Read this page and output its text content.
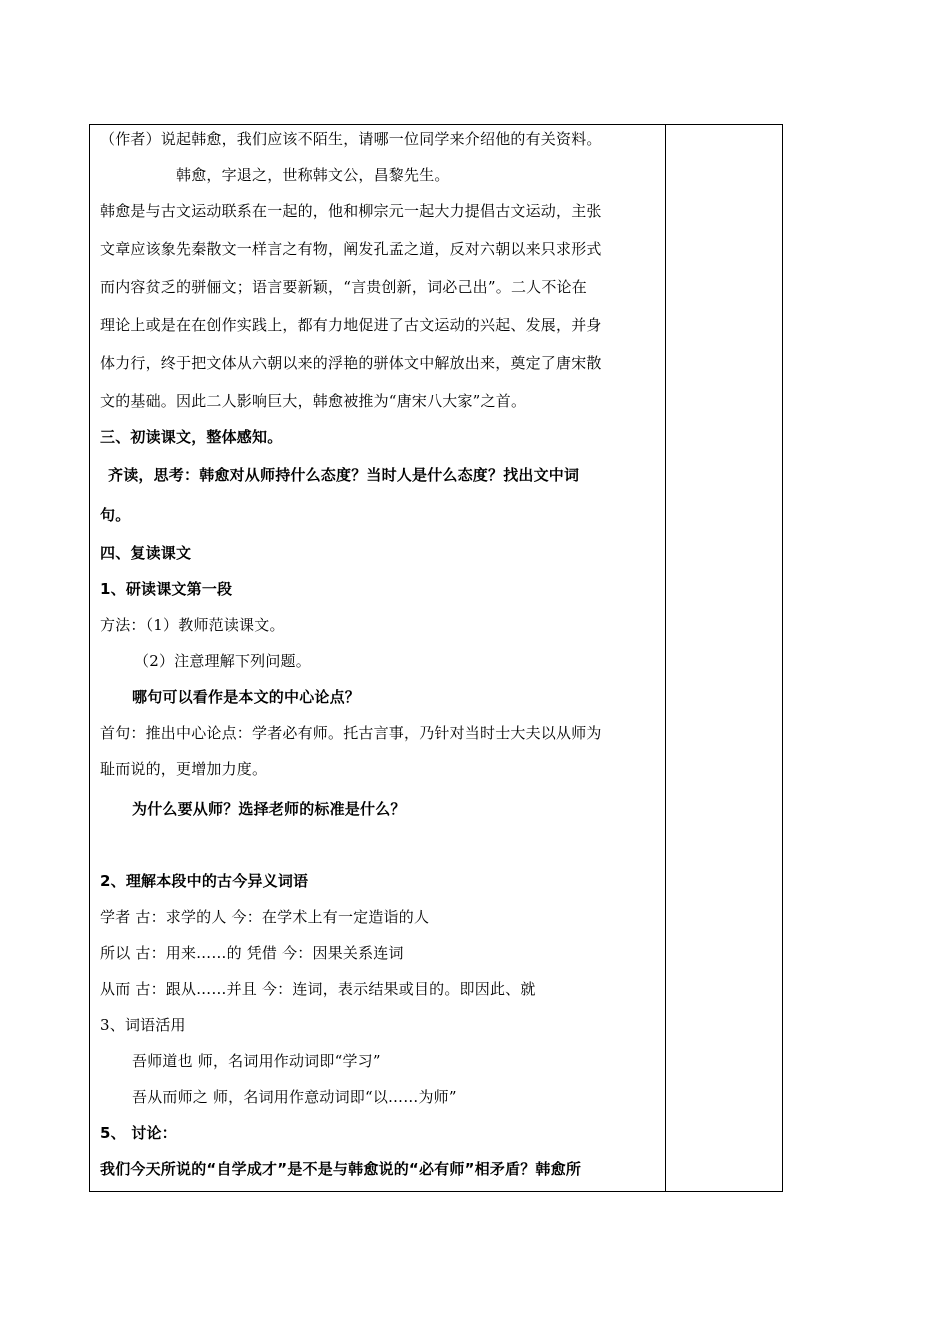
（作者）说起韩愈，我们应该不陌生，请哪一位同学来介绍他的有关资料。
韩愈，字退之，世称韩文公，昌黎先生。
韩愈是与古文运动联系在一起的，他和柳宗元一起大力提倡古文运动，主张
文章应该象先秦散文一样言之有物，阐发孔孟之道，反对六朝以来只求形式
而内容贫乏的骈俪文；语言要新颖，“言贵创新，词必己出”。二人不论在
理论上或是在在创作实践上，都有力地促进了古文运动的兴起、发展，并身
体力行，终于把文体从六朝以来的浮艳的骈体文中解放出来，奠定了唐宋散
文的基础。因此二人影响巨大，韩愈被推为“唐宋八大家”之首。
三、初读课文，整体感知。
齐读，思考：韩愈对从师持什么态度？当时人是什么态度？找出文中词
句。
四、复读课文
1、研读课文第一段
方法：（1）教师范读课文。
（2）注意理解下列问题。
哪句可以看作是本文的中心论点？
首句：推出中心论点：学者必有师。托古言事，乃针对当时士大夫以从师为
耻而说的，更增加力度。
为什么要从师？选择老师的标准是什么？
2、理解本段中的古今异义词语
学者 古：求学的人 今：在学术上有一定造诣的人
所以 古：用来……的 凭借 今：因果关系连词
从而 古：跟从……并且 今：连词，表示结果或目的。即因此、就
3、词语活用
吾师道也 师，名词用作动词即“学习”
吾从而师之 师，名词用作意动词即“以……为师”
5、 讨论：
我们今天所说的“自学成才”是不是与韩愈说的“必有师”相矛盾？韩愈所
